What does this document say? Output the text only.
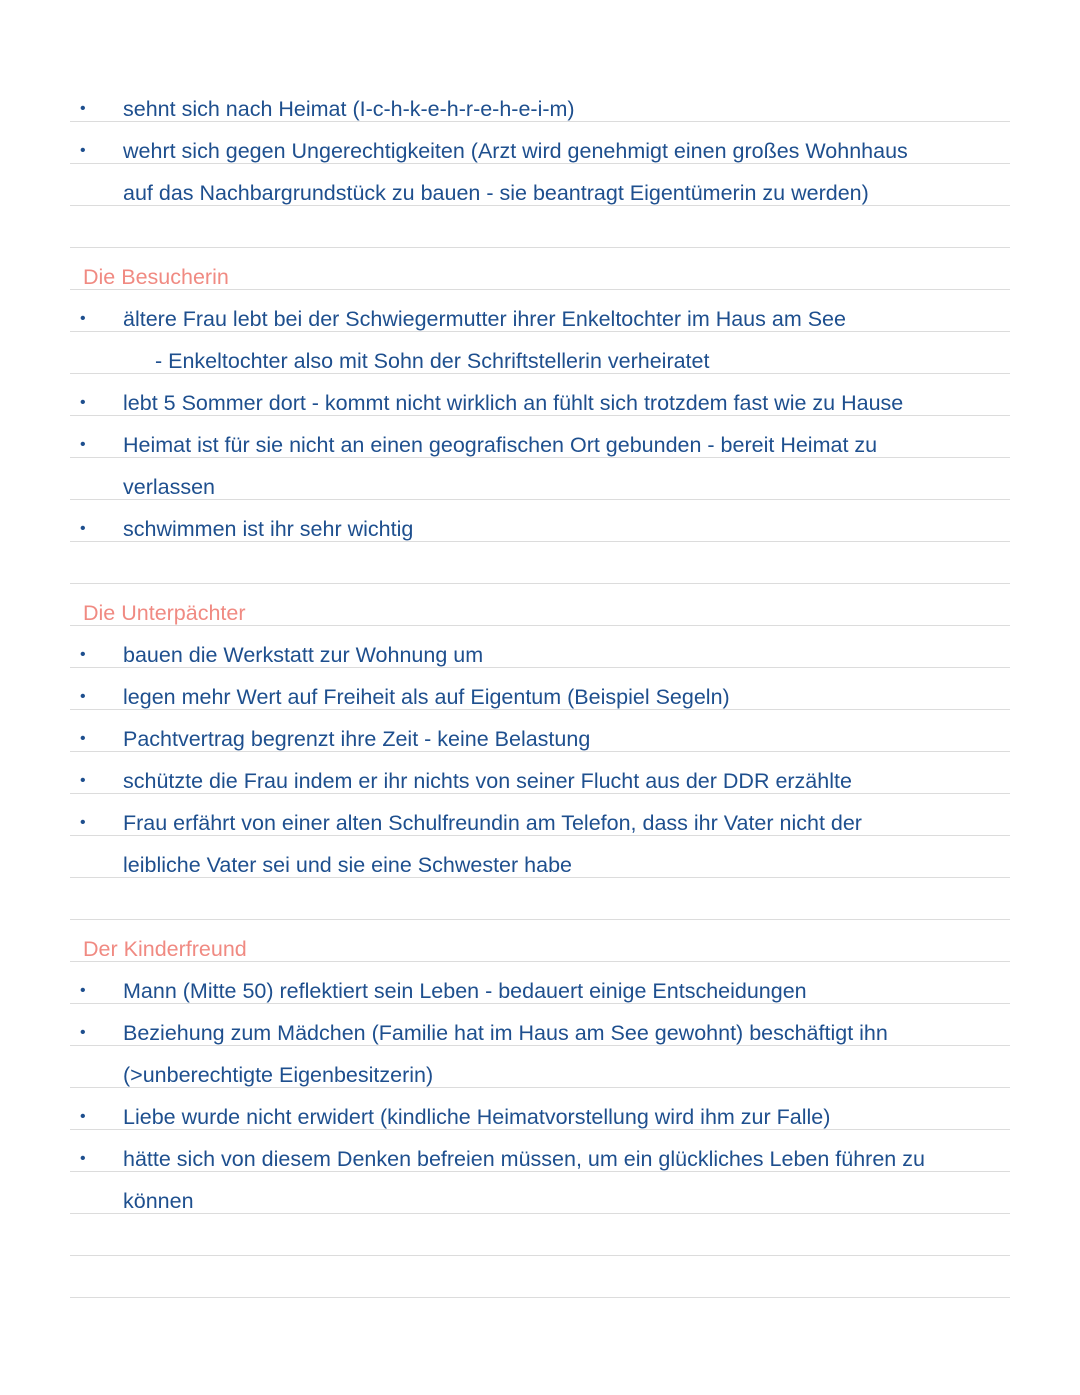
• sehnt sich nach Heimat (I-c-h-k-e-h-r-e-h-e-i-m)
• wehrt sich gegen Ungerechtigkeiten (Arzt wird genehmigt einen großes Wohnhaus
auf das Nachbargrundstück zu bauen - sie beantragt Eigentümerin zu werden)
Die Besucherin
• ältere Frau lebt bei der Schwiegermutter ihrer Enkeltochter im Haus am See
- Enkeltochter also mit Sohn der Schriftstellerin verheiratet
• lebt 5 Sommer dort - kommt nicht wirklich an fühlt sich trotzdem fast wie zu Hause
• Heimat ist für sie nicht an einen geografischen Ort gebunden - bereit Heimat zu
verlassen
• schwimmen ist ihr sehr wichtig
Die Unterpächter
• bauen die Werkstatt zur Wohnung um
• legen mehr Wert auf Freiheit als auf Eigentum (Beispiel Segeln)
• Pachtvertrag begrenzt ihre Zeit - keine Belastung
• schützte die Frau indem er ihr nichts von seiner Flucht aus der DDR erzählte
• Frau erfährt von einer alten Schulfreundin am Telefon, dass ihr Vater nicht der
leibliche Vater sei und sie eine Schwester habe
Der Kinderfreund
• Mann (Mitte 50) reflektiert sein Leben - bedauert einige Entscheidungen
• Beziehung zum Mädchen (Familie hat im Haus am See gewohnt) beschäftigt ihn
(>unberechtigte Eigenbesitzerin)
• Liebe wurde nicht erwidert (kindliche Heimatvorstellung wird ihm zur Falle)
• hätte sich von diesem Denken befreien müssen, um ein glückliches Leben führen zu
können
